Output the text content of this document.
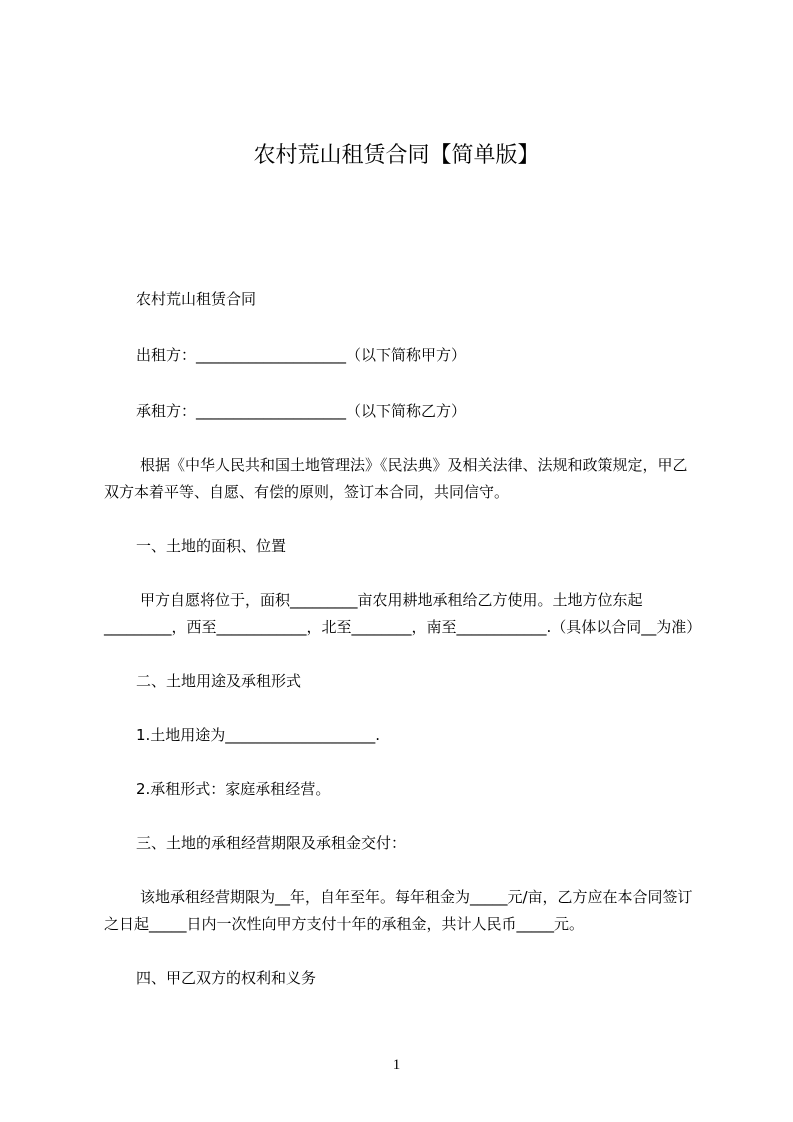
农村荒山租赁合同【简单版】

农村荒山租赁合同

出租方：____________________（以下简称甲方）

承租方：____________________（以下简称乙方）

根据《中华人民共和国土地管理法》《民法典》及相关法律、法规和政策规定，甲乙双方本着平等、自愿、有偿的原则，签订本合同，共同信守。

一、土地的面积、位置

甲方自愿将位于，面积_________亩农用耕地承租给乙方使用。土地方位东起_________，西至____________，北至________，南至____________.（具体以合同__为准）

二、土地用途及承租形式

1.土地用途为____________________.

2.承租形式：家庭承租经营。

三、土地的承租经营期限及承租金交付：

该地承租经营期限为__年，自年至年。每年租金为_____元/亩，乙方应在本合同签订之日起_____日内一次性向甲方支付十年的承租金，共计人民币_____元。

四、甲乙双方的权利和义务

1
